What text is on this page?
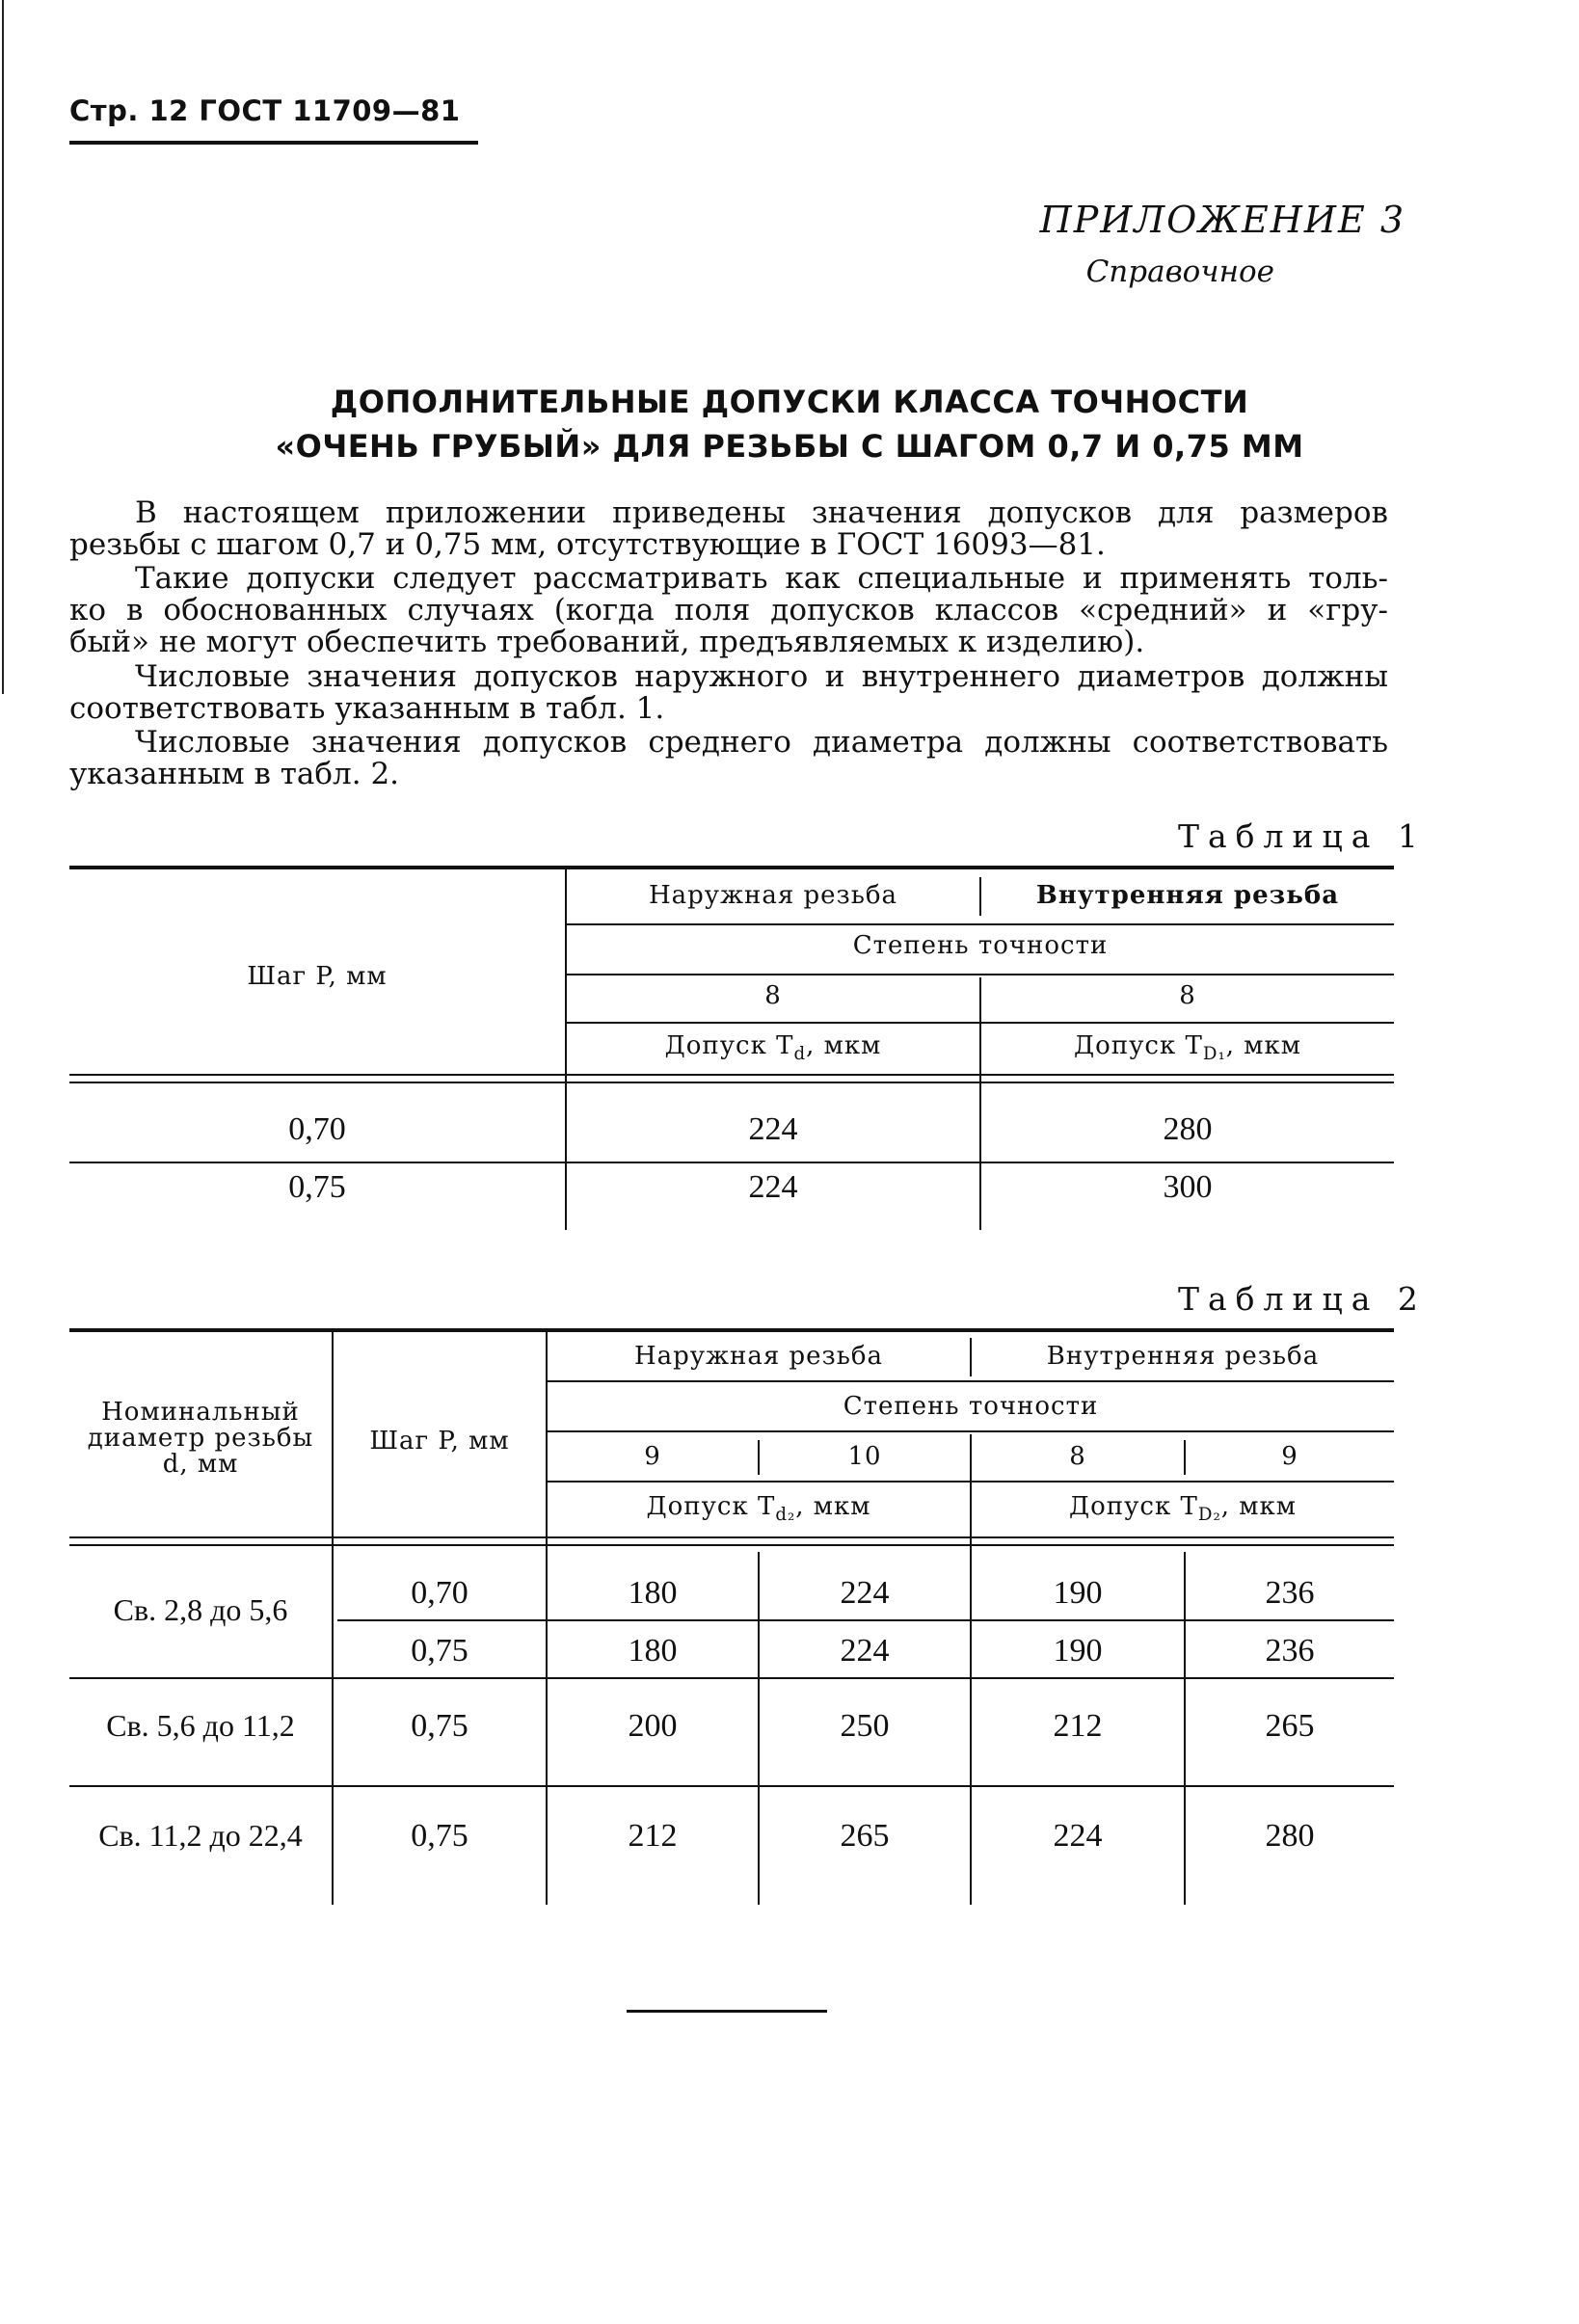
Стр. 12 ГОСТ 11709—81
ПРИЛОЖЕНИЕ 3
Справочное
ДОПОЛНИТЕЛЬНЫЕ ДОПУСКИ КЛАССА ТОЧНОСТИ
«ОЧЕНЬ ГРУБЫЙ» ДЛЯ РЕЗЬБЫ С ШАГОМ 0,7 И 0,75 ММ
В настоящем приложении приведены значения допусков для размеров
резьбы с шагом 0,7 и 0,75 мм, отсутствующие в ГОСТ 16093—81.
Такие допуски следует рассматривать как специальные и применять толь-
ко в обоснованных случаях (когда поля допусков классов «средний» и «гру-
бый» не могут обеспечить требований, предъявляемых к изделию).
Числовые значения допусков наружного и внутреннего диаметров должны
соответствовать указанным в табл. 1.
Числовые значения допусков среднего диаметра должны соответствовать
указанным в табл. 2.
Таблица 1
Шаг P, мм
Наружная резьба	Внутренняя резьба
Степень точности
8	8
Допуск $T_d$, мкм	Допуск $T_{D_1}$, мкм
0,70	224	280
0,75	224	300
Таблица 2
Номинальный
диаметр резьбы
d, мм
Шаг P, мм
Наружная резьба	Внутренняя резьба
Степень точности
9	10	8	9
Допуск $T_{d_2}$, мкм	Допуск $T_{D_2}$, мкм
Св. 2,8 до 5,6	0,70	180	224	190	236
0,75	180	224	190	236
Св. 5,6 до 11,2	0,75	200	250	212	265
Св. 11,2 до 22,4	0,75	212	265	224	280
